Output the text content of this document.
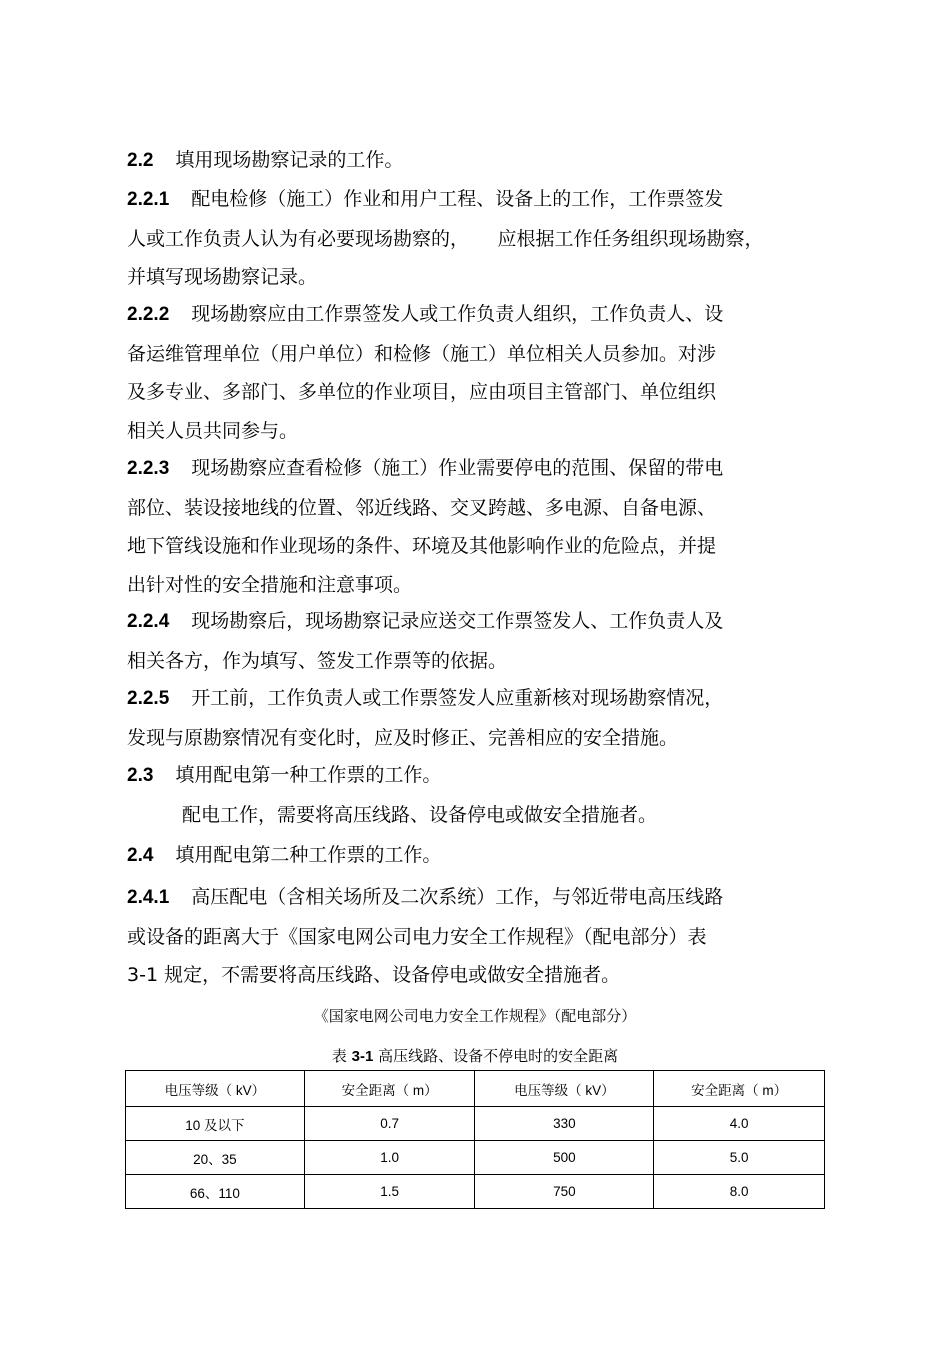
2.2 填用现场勘察记录的工作。
2.2.1 配电检修（施工）作业和用户工程、设备上的工作，工作票签发
人或工作负责人认为有必要现场勘察的，　　应根据工作任务组织现场勘察，
并填写现场勘察记录。
2.2.2 现场勘察应由工作票签发人或工作负责人组织，工作负责人、设
备运维管理单位（用户单位）和检修（施工）单位相关人员参加。对涉
及多专业、多部门、多单位的作业项目，应由项目主管部门、单位组织
相关人员共同参与。
2.2.3 现场勘察应查看检修（施工）作业需要停电的范围、保留的带电
部位、装设接地线的位置、邻近线路、交叉跨越、多电源、自备电源、
地下管线设施和作业现场的条件、环境及其他影响作业的危险点，并提
出针对性的安全措施和注意事项。
2.2.4 现场勘察后，现场勘察记录应送交工作票签发人、工作负责人及
相关各方，作为填写、签发工作票等的依据。
2.2.5 开工前，工作负责人或工作票签发人应重新核对现场勘察情况，
发现与原勘察情况有变化时，应及时修正、完善相应的安全措施。
2.3 填用配电第一种工作票的工作。
配电工作，需要将高压线路、设备停电或做安全措施者。
2.4 填用配电第二种工作票的工作。
2.4.1 高压配电（含相关场所及二次系统）工作，与邻近带电高压线路
或设备的距离大于《国家电网公司电力安全工作规程》（配电部分）表
3-1 规定，不需要将高压线路、设备停电或做安全措施者。

《国家电网公司电力安全工作规程》（配电部分）

表 3-1 高压线路、设备不停电时的安全距离

电压等级（ kV）	安全距离（ m）	电压等级（ kV）	安全距离（ m）
10 及以下	0.7	330	4.0
20、35	1.0	500	5.0
66、110	1.5	750	8.0
